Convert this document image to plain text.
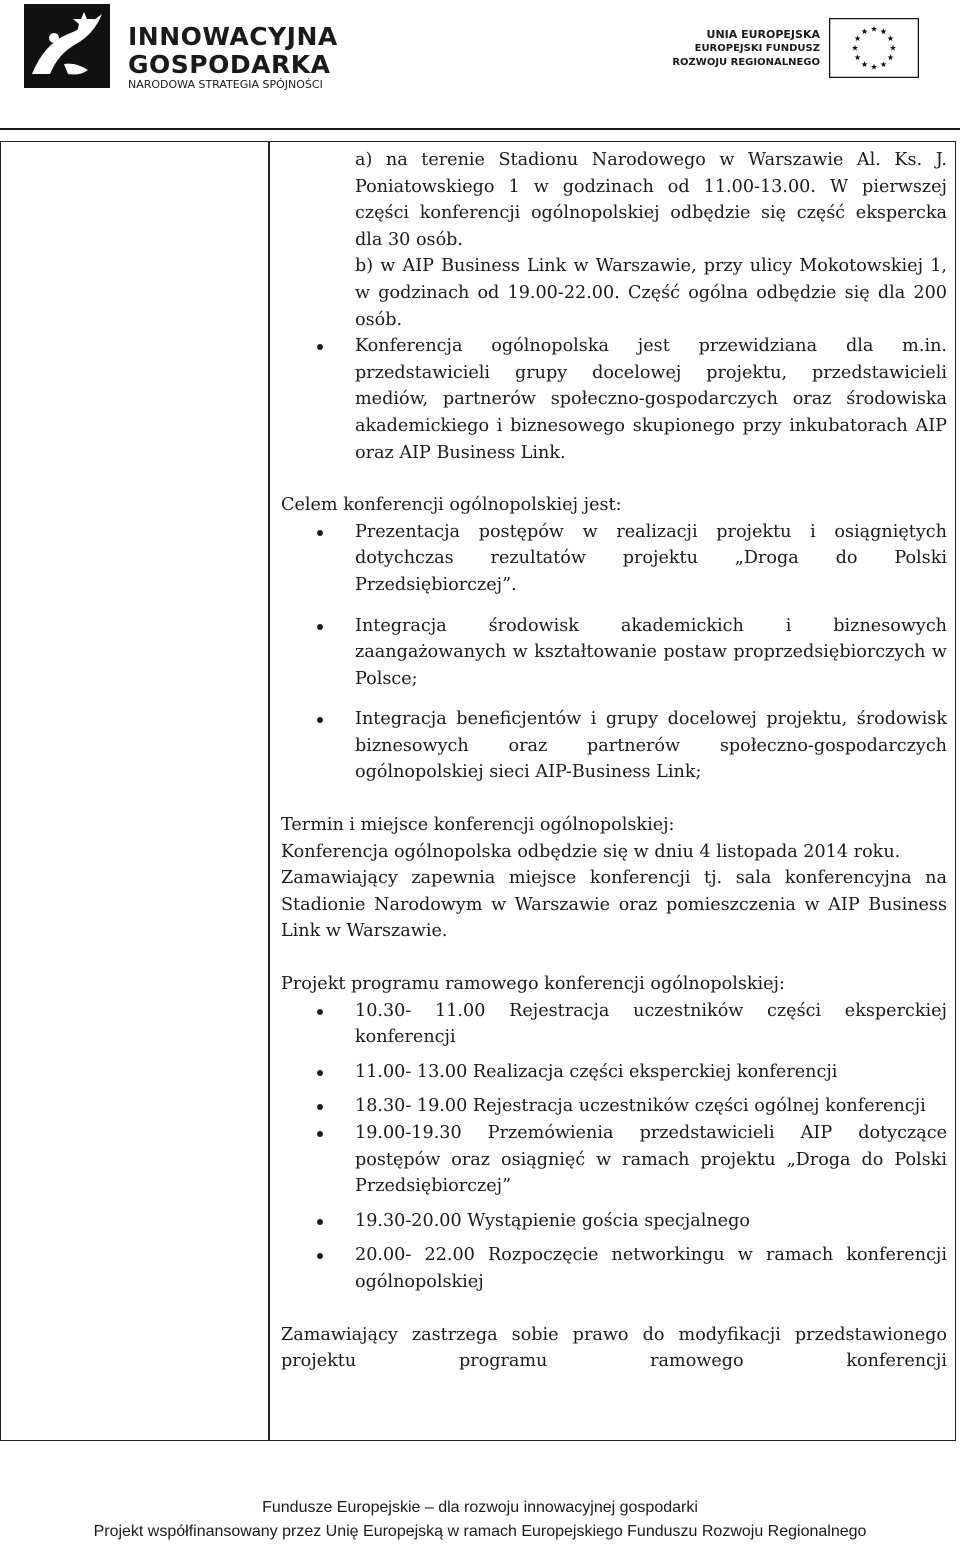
INNOWACYJNA
GOSPODARKA
NARODOWA STRATEGIA SPÓJNOŚCI
UNIA EUROPEJSKA
EUROPEJSKI FUNDUSZ
ROZWOJU REGIONALNEGO

a) na terenie Stadionu Narodowego w Warszawie Al. Ks. J. Poniatowskiego 1 w godzinach od 11.00-13.00. W pierwszej części konferencji ogólnopolskiej odbędzie się część ekspercka dla 30 osób.

b) w AIP Business Link w Warszawie, przy ulicy Mokotowskiej 1, w godzinach od 19.00-22.00. Część ogólna odbędzie się dla 200 osób.

Konferencja ogólnopolska jest przewidziana dla m.in. przedstawicieli grupy docelowej projektu, przedstawicieli mediów, partnerów społeczno-gospodarczych oraz środowiska akademickiego i biznesowego skupionego przy inkubatorach AIP oraz AIP Business Link.

Celem konferencji ogólnopolskiej jest:

Prezentacja postępów w realizacji projektu i osiągniętych dotychczas rezultatów projektu „Droga do Polski Przedsiębiorczej”.
Integracja środowisk akademickich i biznesowych zaangażowanych w kształtowanie postaw proprzedsiębiorczych w Polsce;
Integracja beneficjentów i grupy docelowej projektu, środowisk biznesowych oraz partnerów społeczno-gospodarczych ogólnopolskiej sieci AIP-Business Link;

Termin i miejsce konferencji ogólnopolskiej:

Konferencja ogólnopolska odbędzie się w dniu 4 listopada 2014 roku.

Zamawiający zapewnia miejsce konferencji tj. sala konferencyjna na Stadionie Narodowym w Warszawie oraz pomieszczenia w AIP Business Link w Warszawie.

Projekt programu ramowego konferencji ogólnopolskiej:

10.30- 11.00 Rejestracja uczestników części eksperckiej konferencji
11.00- 13.00 Realizacja części eksperckiej konferencji
18.30- 19.00 Rejestracja uczestników części ogólnej konferencji
19.00-19.30 Przemówienia przedstawicieli AIP dotyczące postępów oraz osiągnięć w ramach projektu „Droga do Polski Przedsiębiorczej”
19.30-20.00 Wystąpienie gościa specjalnego
20.00- 22.00 Rozpoczęcie networkingu w ramach konferencji ogólnopolskiej

Zamawiający zastrzega sobie prawo do modyfikacji przedstawionego projektu programu ramowego konferencji

Fundusze Europejskie – dla rozwoju innowacyjnej gospodarki
Projekt współfinansowany przez Unię Europejską w ramach Europejskiego Funduszu Rozwoju Regionalnego
